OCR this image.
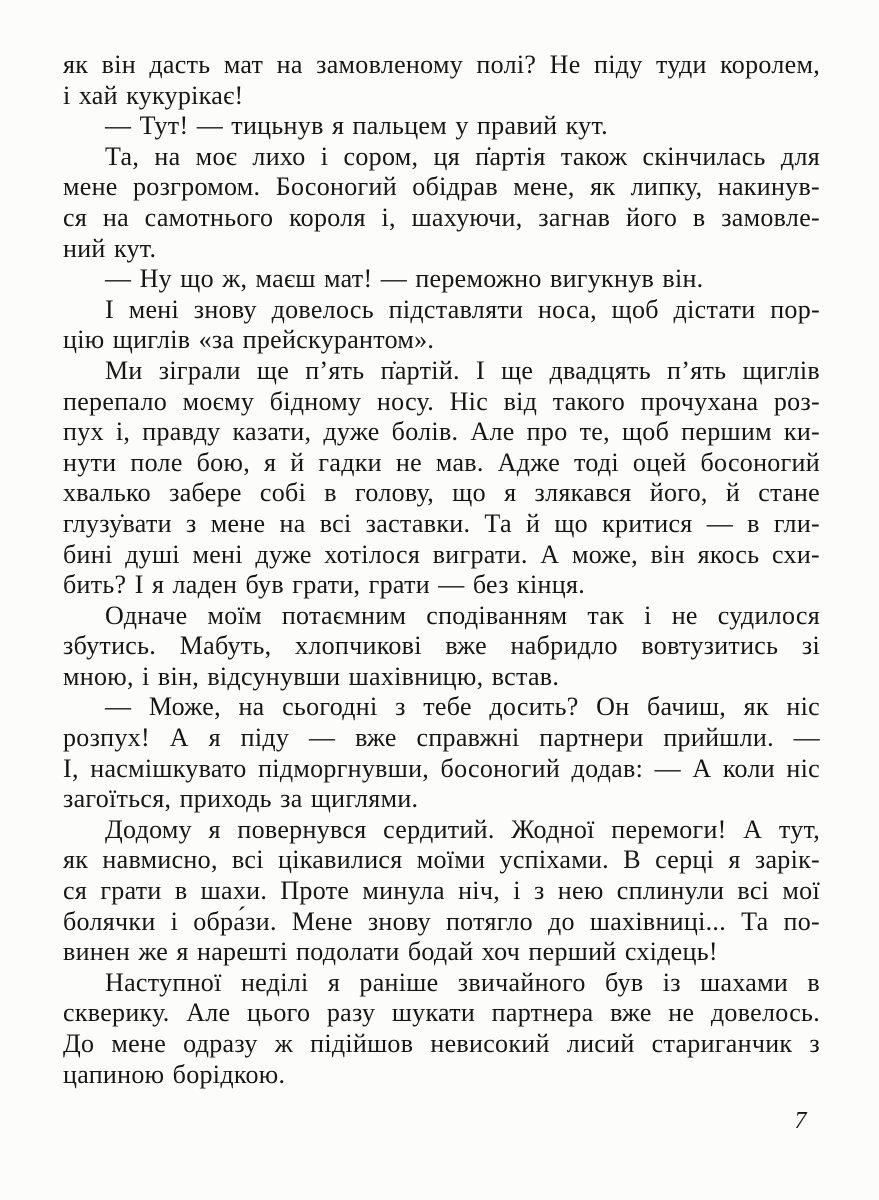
як він дасть мат на замовленому полі? Не піду туди королем,
і хай кукурікає!
— Тут! — тицьнув я пальцем у правий кут.
Та, на моє лихо і сором, ця п̇артія також скінчилась для
мене розгромом. Босоногий обідрав мене, як липку, накинув-
ся на самотнього короля і, шахуючи, загнав його в замовле-
ний кут.
— Ну що ж, маєш мат! — переможно вигукнув він.
І мені знову довелось підставляти носа, щоб дістати пор-
цію щиглів «за прейскурантом».
Ми зіграли ще п’ять п̇артій. І ще двадцять п’ять щиглів
перепало моєму бідному носу. Ніс від такого прочухана роз-
пух і, правду казати, дуже болів. Але про те, щоб першим ки-
нути поле бою, я й гадки не мав. Адже тоді оцей босоногий
хвалько забере собі в голову, що я злякався його, й стане
глузу̇вати з мене на всі заставки. Та й що критися — в гли-
бині душі мені дуже хотілося виграти. А може, він якось схи-
бить? І я ладен був грати, грати — без кінця.
Одначе моїм потаємним сподіванням так і не судилося
збутись. Мабуть, хлопчикові вже набридло вовтузитись зі
мною, і він, відсунувши шахівницю, встав.
— Може, на сьогодні з тебе досить? Он бачиш, як ніс
розпух! А я піду — вже справжні партнери прийшли. —
І, насмішкувато підморгнувши, босоногий додав: — А коли ніс
загоїться, приходь за щиглями.
Додому я повернувся сердитий. Жодної перемоги! А тут,
як навмисно, всі цікавилися моїми успіхами. В серці я зарік-
ся грати в шахи. Проте минула ніч, і з нею сплинули всі мої
болячки і обра́зи. Мене знову потягло до шахівниці... Та по-
винен же я нарешті подолати бодай хоч перший східець!
Наступної неділі я раніше звичайного був із шахами в
скверику. Але цього разу шукати партнера вже не довелось.
До мене одразу ж підійшов невисокий лисий стариганчик з
цапиною борідкою.
7
